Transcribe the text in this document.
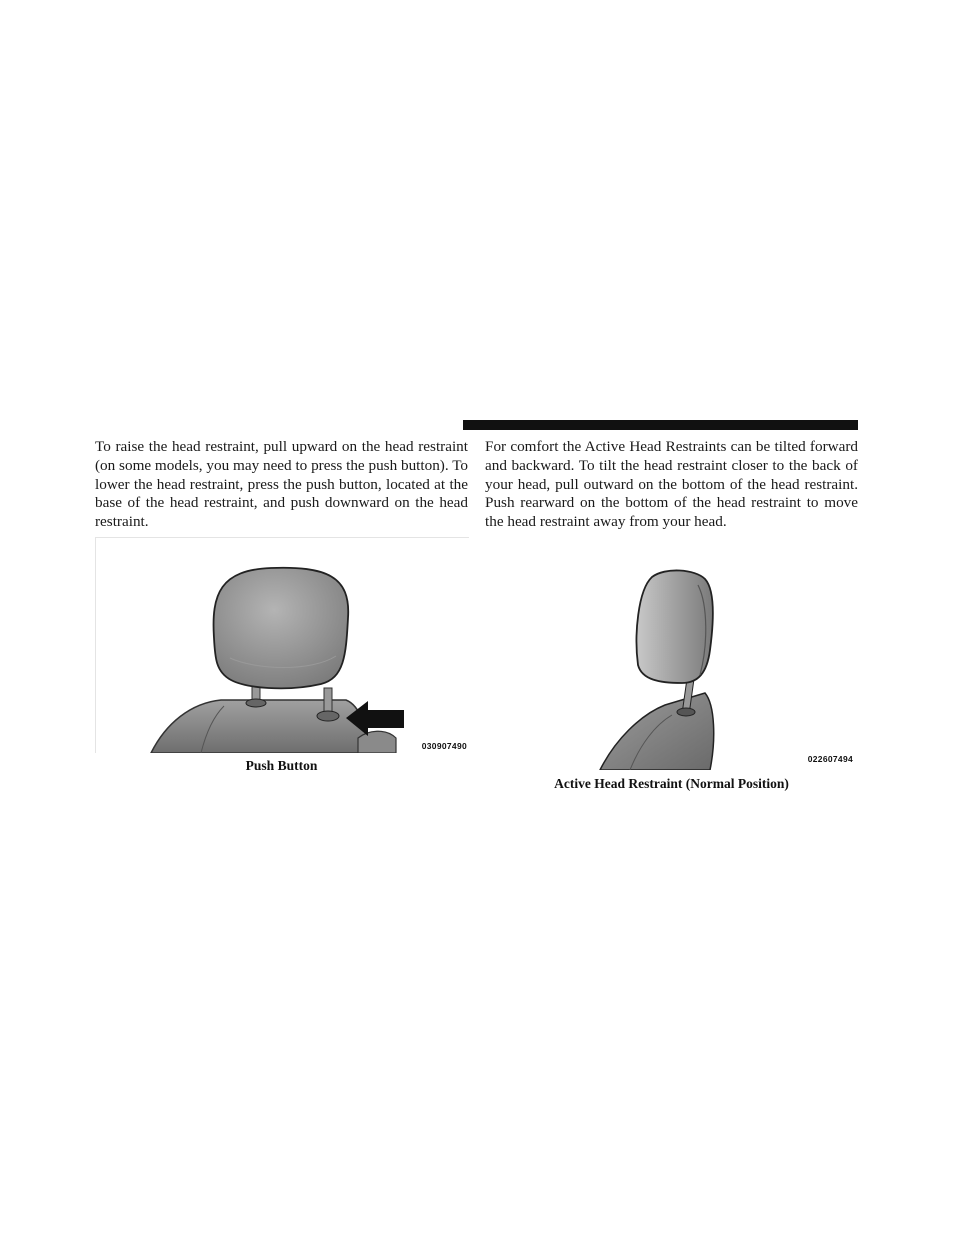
To raise the head restraint, pull upward on the head restraint (on some models, you may need to press the push button). To lower the head restraint, press the push button, located at the base of the head restraint, and push downward on the head restraint.

For comfort the Active Head Restraints can be tilted forward and backward. To tilt the head restraint closer to the back of your head, pull outward on the bottom of the head restraint. Push rearward on the bottom of the head restraint to move the head restraint away from your head.

030907490
Push Button	022607494
Active Head Restraint (Normal Position)
